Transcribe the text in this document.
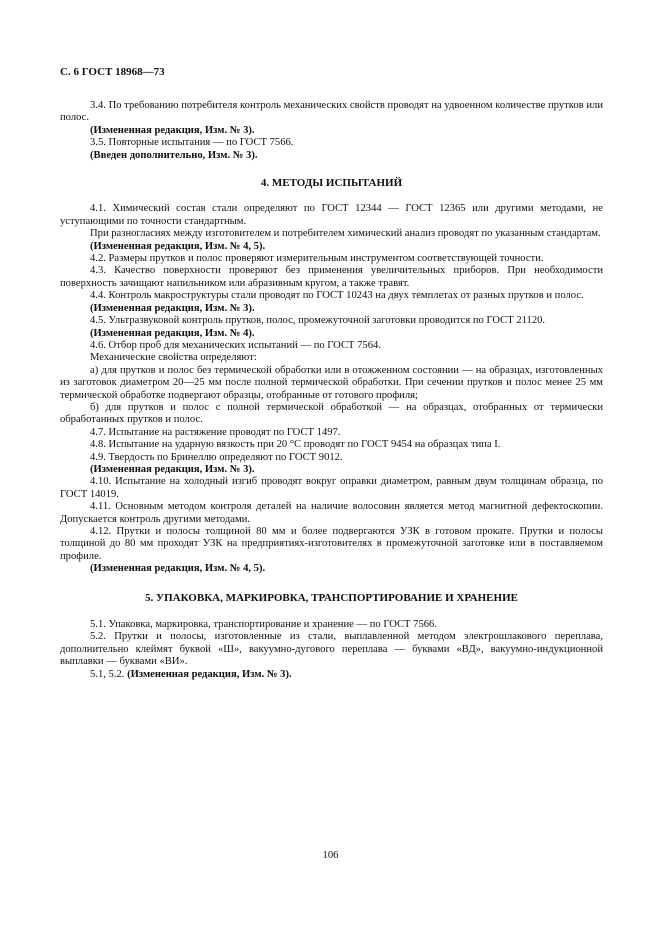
С. 6 ГОСТ 18968—73

3.4. По требованию потребителя контроль механических свойств проводят на удвоенном количестве прутков или полос.

(Измененная редакция, Изм. № 3).

3.5. Повторные испытания — по ГОСТ 7566.

(Введен дополнительно, Изм. № 3).

4. МЕТОДЫ ИСПЫТАНИЙ

4.1. Химический состав стали определяют по ГОСТ 12344 — ГОСТ 12365 или другими методами, не уступающими по точности стандартным.

При разногласиях между изготовителем и потребителем химический анализ проводят по указанным стандартам.

(Измененная редакция, Изм. № 4, 5).

4.2. Размеры прутков и полос проверяют измерительным инструментом соответствующей точности.

4.3. Качество поверхности проверяют без применения увеличительных приборов. При необходимости поверхность зачищают напильником или абразивным кругом, а также травят.

4.4. Контроль макроструктуры стали проводят по ГОСТ 10243 на двух темплетах от разных прутков и полос.

(Измененная редакция, Изм. № 3).

4.5. Ультразвуковой контроль прутков, полос, промежуточной заготовки проводится по ГОСТ 21120.

(Измененная редакция, Изм. № 4).

4.6. Отбор проб для механических испытаний — по ГОСТ 7564.

Механические свойства определяют:

а) для прутков и полос без термической обработки или в отожженном состоянии — на образцах, изготовленных из заготовок диаметром 20—25 мм после полной термической обработки. При сечении прутков и полос менее 25 мм термической обработке подвергают образцы, отобранные от готового профиля;

б) для прутков и полос с полной термической обработкой — на образцах, отобранных от термически обработанных прутков и полос.

4.7. Испытание на растяжение проводят по ГОСТ 1497.

4.8. Испытание на ударную вязкость при 20 °С проводят по ГОСТ 9454 на образцах типа I.

4.9. Твердость по Бринеллю определяют по ГОСТ 9012.

(Измененная редакция, Изм. № 3).

4.10. Испытание на холодный изгиб проводят вокруг оправки диаметром, равным двум толщинам образца, по ГОСТ 14019.

4.11. Основным методом контроля деталей на наличие волосовин является метод магнитной дефектоскопии. Допускается контроль другими методами.

4.12. Прутки и полосы толщиной 80 мм и более подвергаются УЗК в готовом прокате. Прутки и полосы толщиной до 80 мм проходят УЗК на предприятиях-изготовителях в промежуточной заготовке или в поставляемом профиле.

(Измененная редакция, Изм. № 4, 5).

5. УПАКОВКА, МАРКИРОВКА, ТРАНСПОРТИРОВАНИЕ И ХРАНЕНИЕ

5.1. Упаковка, маркировка, транспортирование и хранение — по ГОСТ 7566.

5.2. Прутки и полосы, изготовленные из стали, выплавленной методом электрошлакового переплава, дополнительно клеймят буквой «Ш», вакуумно-дугового переплава — буквами «ВД», вакуумно-индукционной выплавки — буквами «ВИ».

5.1, 5.2. (Измененная редакция, Изм. № 3).

106
